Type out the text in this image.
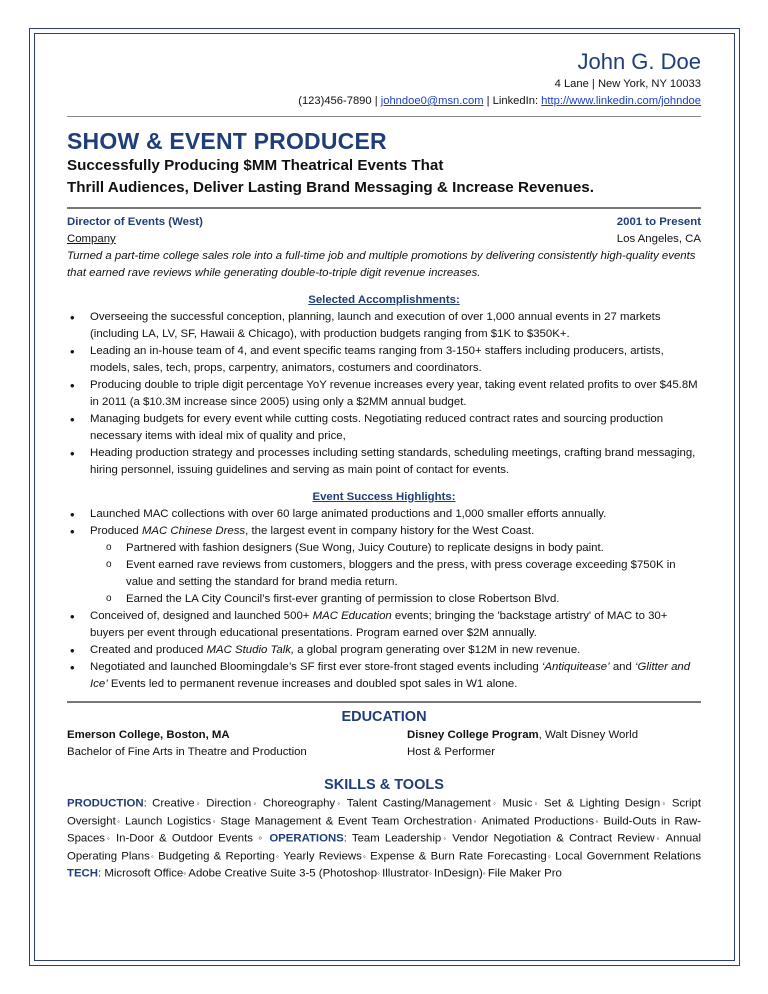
John G. Doe
4 Lane | New York, NY 10033
(123)456-7890 | johndoe0@msn.com | LinkedIn: http://www.linkedin.com/johndoe
SHOW & EVENT PRODUCER
Successfully Producing $MM Theatrical Events That
Thrill Audiences, Deliver Lasting Brand Messaging & Increase Revenues.
Director of Events (West)	2001 to Present
Company	Los Angeles, CA
Turned a part-time college sales role into a full-time job and multiple promotions by delivering consistently high-quality events that earned rave reviews while generating double-to-triple digit revenue increases.
Selected Accomplishments:
• Overseeing the successful conception, planning, launch and execution of over 1,000 annual events in 27 markets (including LA, LV, SF, Hawaii & Chicago), with production budgets ranging from $1K to $350K+.
• Leading an in-house team of 4, and event specific teams ranging from 3-150+ staffers including producers, artists, models, sales, tech, props, carpentry, animators, costumers and coordinators.
• Producing double to triple digit percentage YoY revenue increases every year, taking event related profits to over $45.8M in 2011 (a $10.3M increase since 2005) using only a $2MM annual budget.
• Managing budgets for every event while cutting costs. Negotiating reduced contract rates and sourcing production necessary items with ideal mix of quality and price,
• Heading production strategy and processes including setting standards, scheduling meetings, crafting brand messaging, hiring personnel, issuing guidelines and serving as main point of contact for events.
Event Success Highlights:
• Launched MAC collections with over 60 large animated productions and 1,000 smaller efforts annually.
• Produced MAC Chinese Dress, the largest event in company history for the West Coast.
o Partnered with fashion designers (Sue Wong, Juicy Couture) to replicate designs in body paint.
o Event earned rave reviews from customers, bloggers and the press, with press coverage exceeding $750K in value and setting the standard for brand media return.
o Earned the LA City Council’s first-ever granting of permission to close Robertson Blvd.
• Conceived of, designed and launched 500+ MAC Education events; bringing the 'backstage artistry' of MAC to 30+ buyers per event through educational presentations. Program earned over $2M annually.
• Created and produced MAC Studio Talk, a global program generating over $12M in new revenue.
• Negotiated and launched Bloomingdale’s SF first ever store-front staged events including ‘Antiquitease’ and ‘Glitter and Ice’ Events led to permanent revenue increases and doubled spot sales in W1 alone.
EDUCATION
Emerson College, Boston, MA	Disney College Program, Walt Disney World
Bachelor of Fine Arts in Theatre and Production	Host & Performer
SKILLS & TOOLS
PRODUCTION: Creative◦ Direction◦ Choreography◦ Talent Casting/Management◦ Music◦ Set & Lighting Design◦ Script Oversight◦ Launch Logistics◦ Stage Management & Event Team Orchestration◦ Animated Productions◦ Build-Outs in Raw-Spaces◦ In-Door & Outdoor Events ◦ OPERATIONS: Team Leadership◦ Vendor Negotiation & Contract Review◦ Annual Operating Plans◦ Budgeting & Reporting◦ Yearly Reviews◦ Expense & Burn Rate Forecasting◦ Local Government Relations TECH: Microsoft Office◦ Adobe Creative Suite 3-5 (Photoshop◦ Illustrator◦ InDesign)◦ File Maker Pro
